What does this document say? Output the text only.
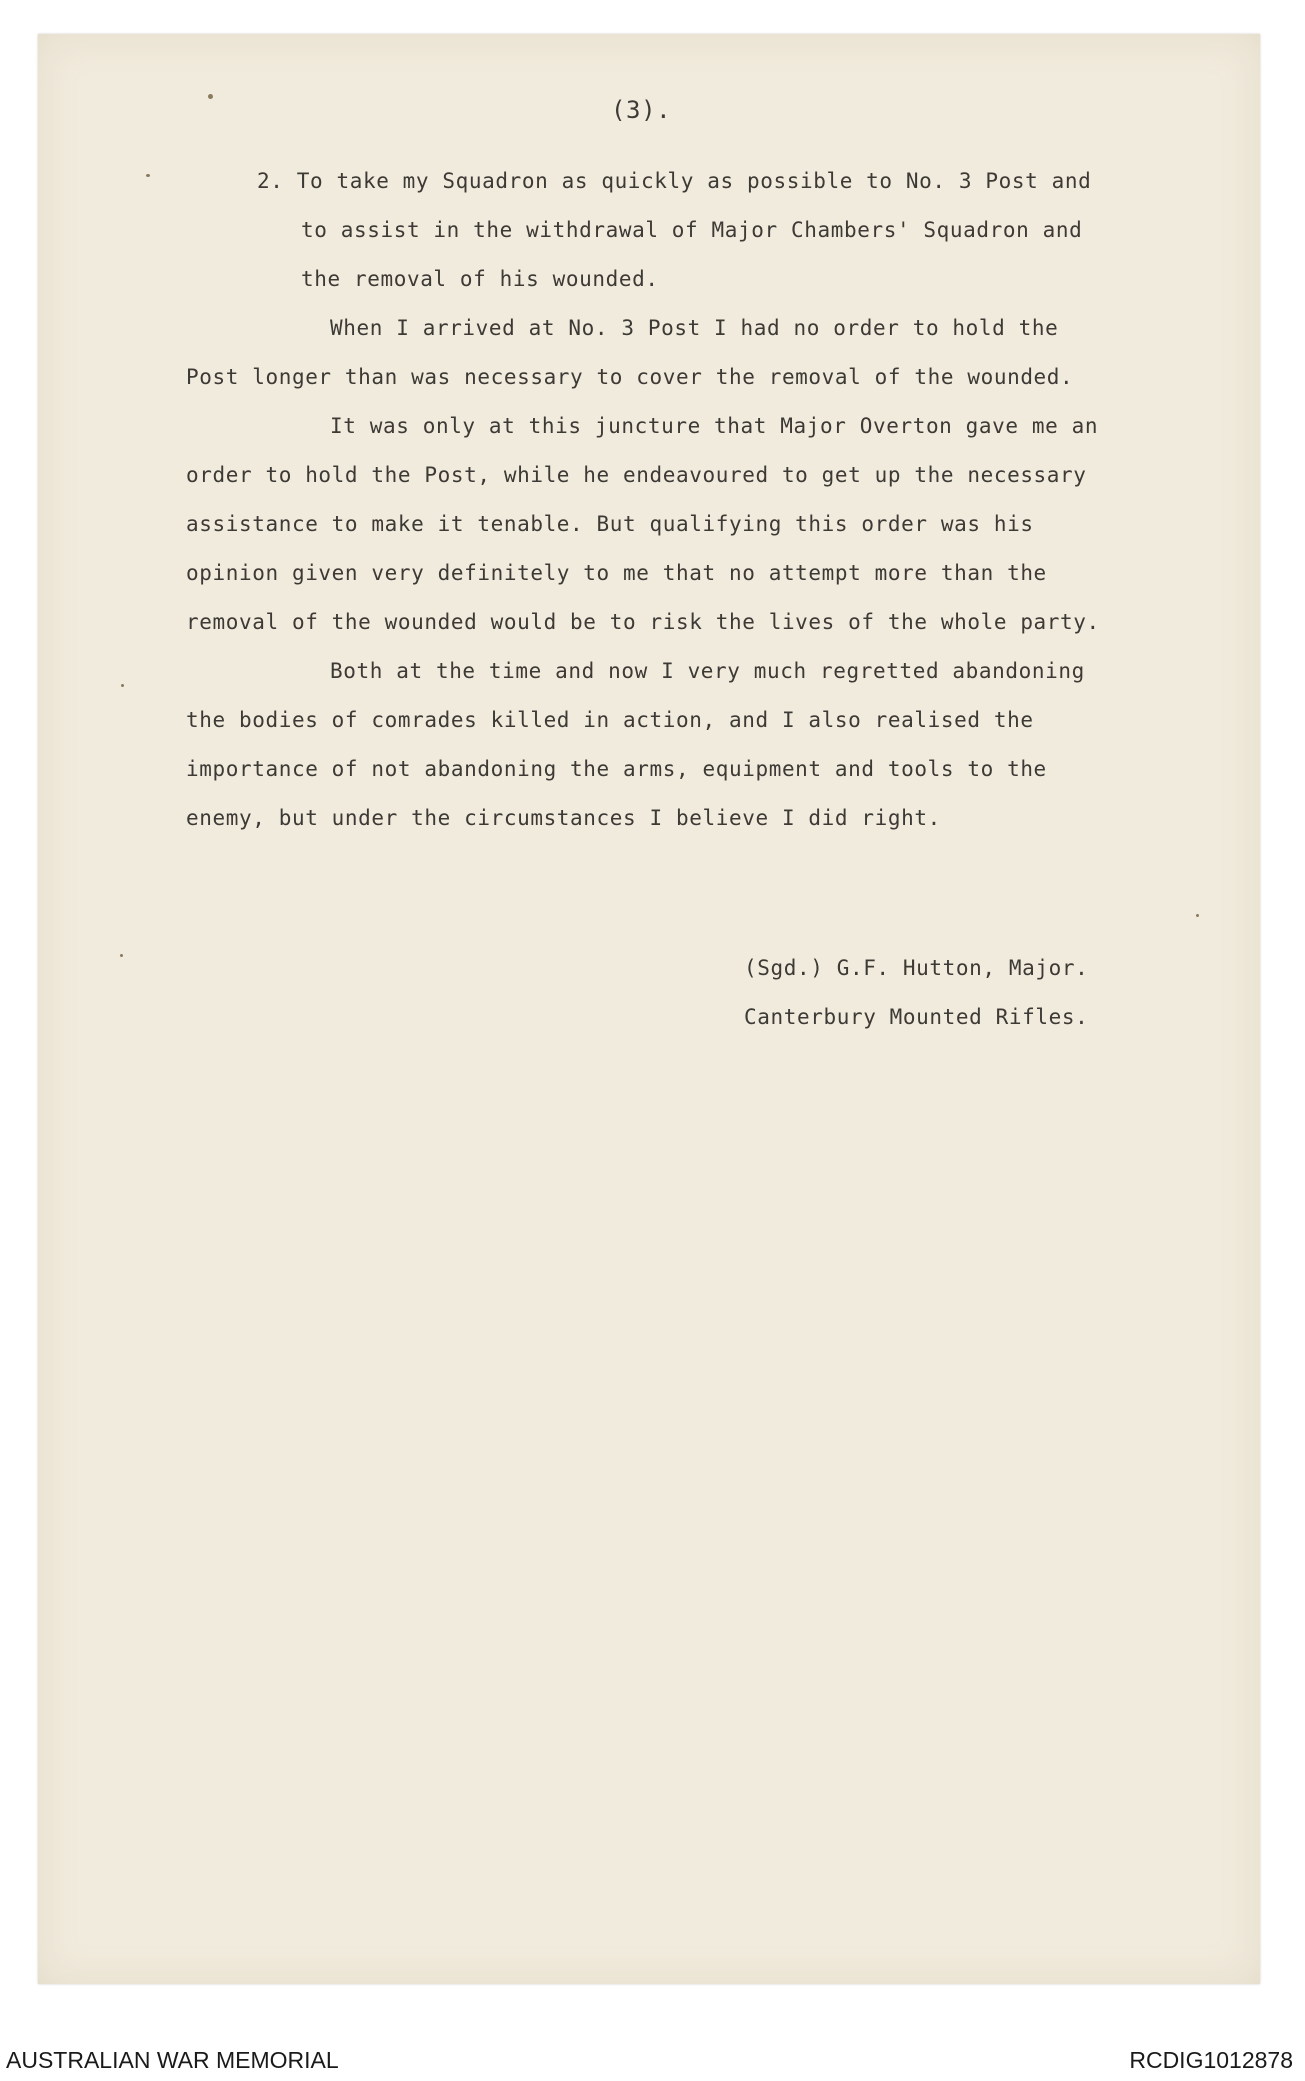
(3).
2. To take my Squadron as quickly as possible to No. 3 Post and
to assist in the withdrawal of Major Chambers' Squadron and
the removal of his wounded.
When I arrived at No. 3 Post I had no order to hold the
Post longer than was necessary to cover the removal of the wounded.
It was only at this juncture that Major Overton gave me an
order to hold the Post, while he endeavoured to get up the necessary
assistance to make it tenable. But qualifying this order was his
opinion given very definitely to me that no attempt more than the
removal of the wounded would be to risk the lives of the whole party.
Both at the time and now I very much regretted abandoning
the bodies of comrades killed in action, and I also realised the
importance of not abandoning the arms, equipment and tools to the
enemy, but under the circumstances I believe I did right.
(Sgd.) G.F. Hutton, Major.
Canterbury Mounted Rifles.
AUSTRALIAN WAR MEMORIAL	RCDIG1012878
